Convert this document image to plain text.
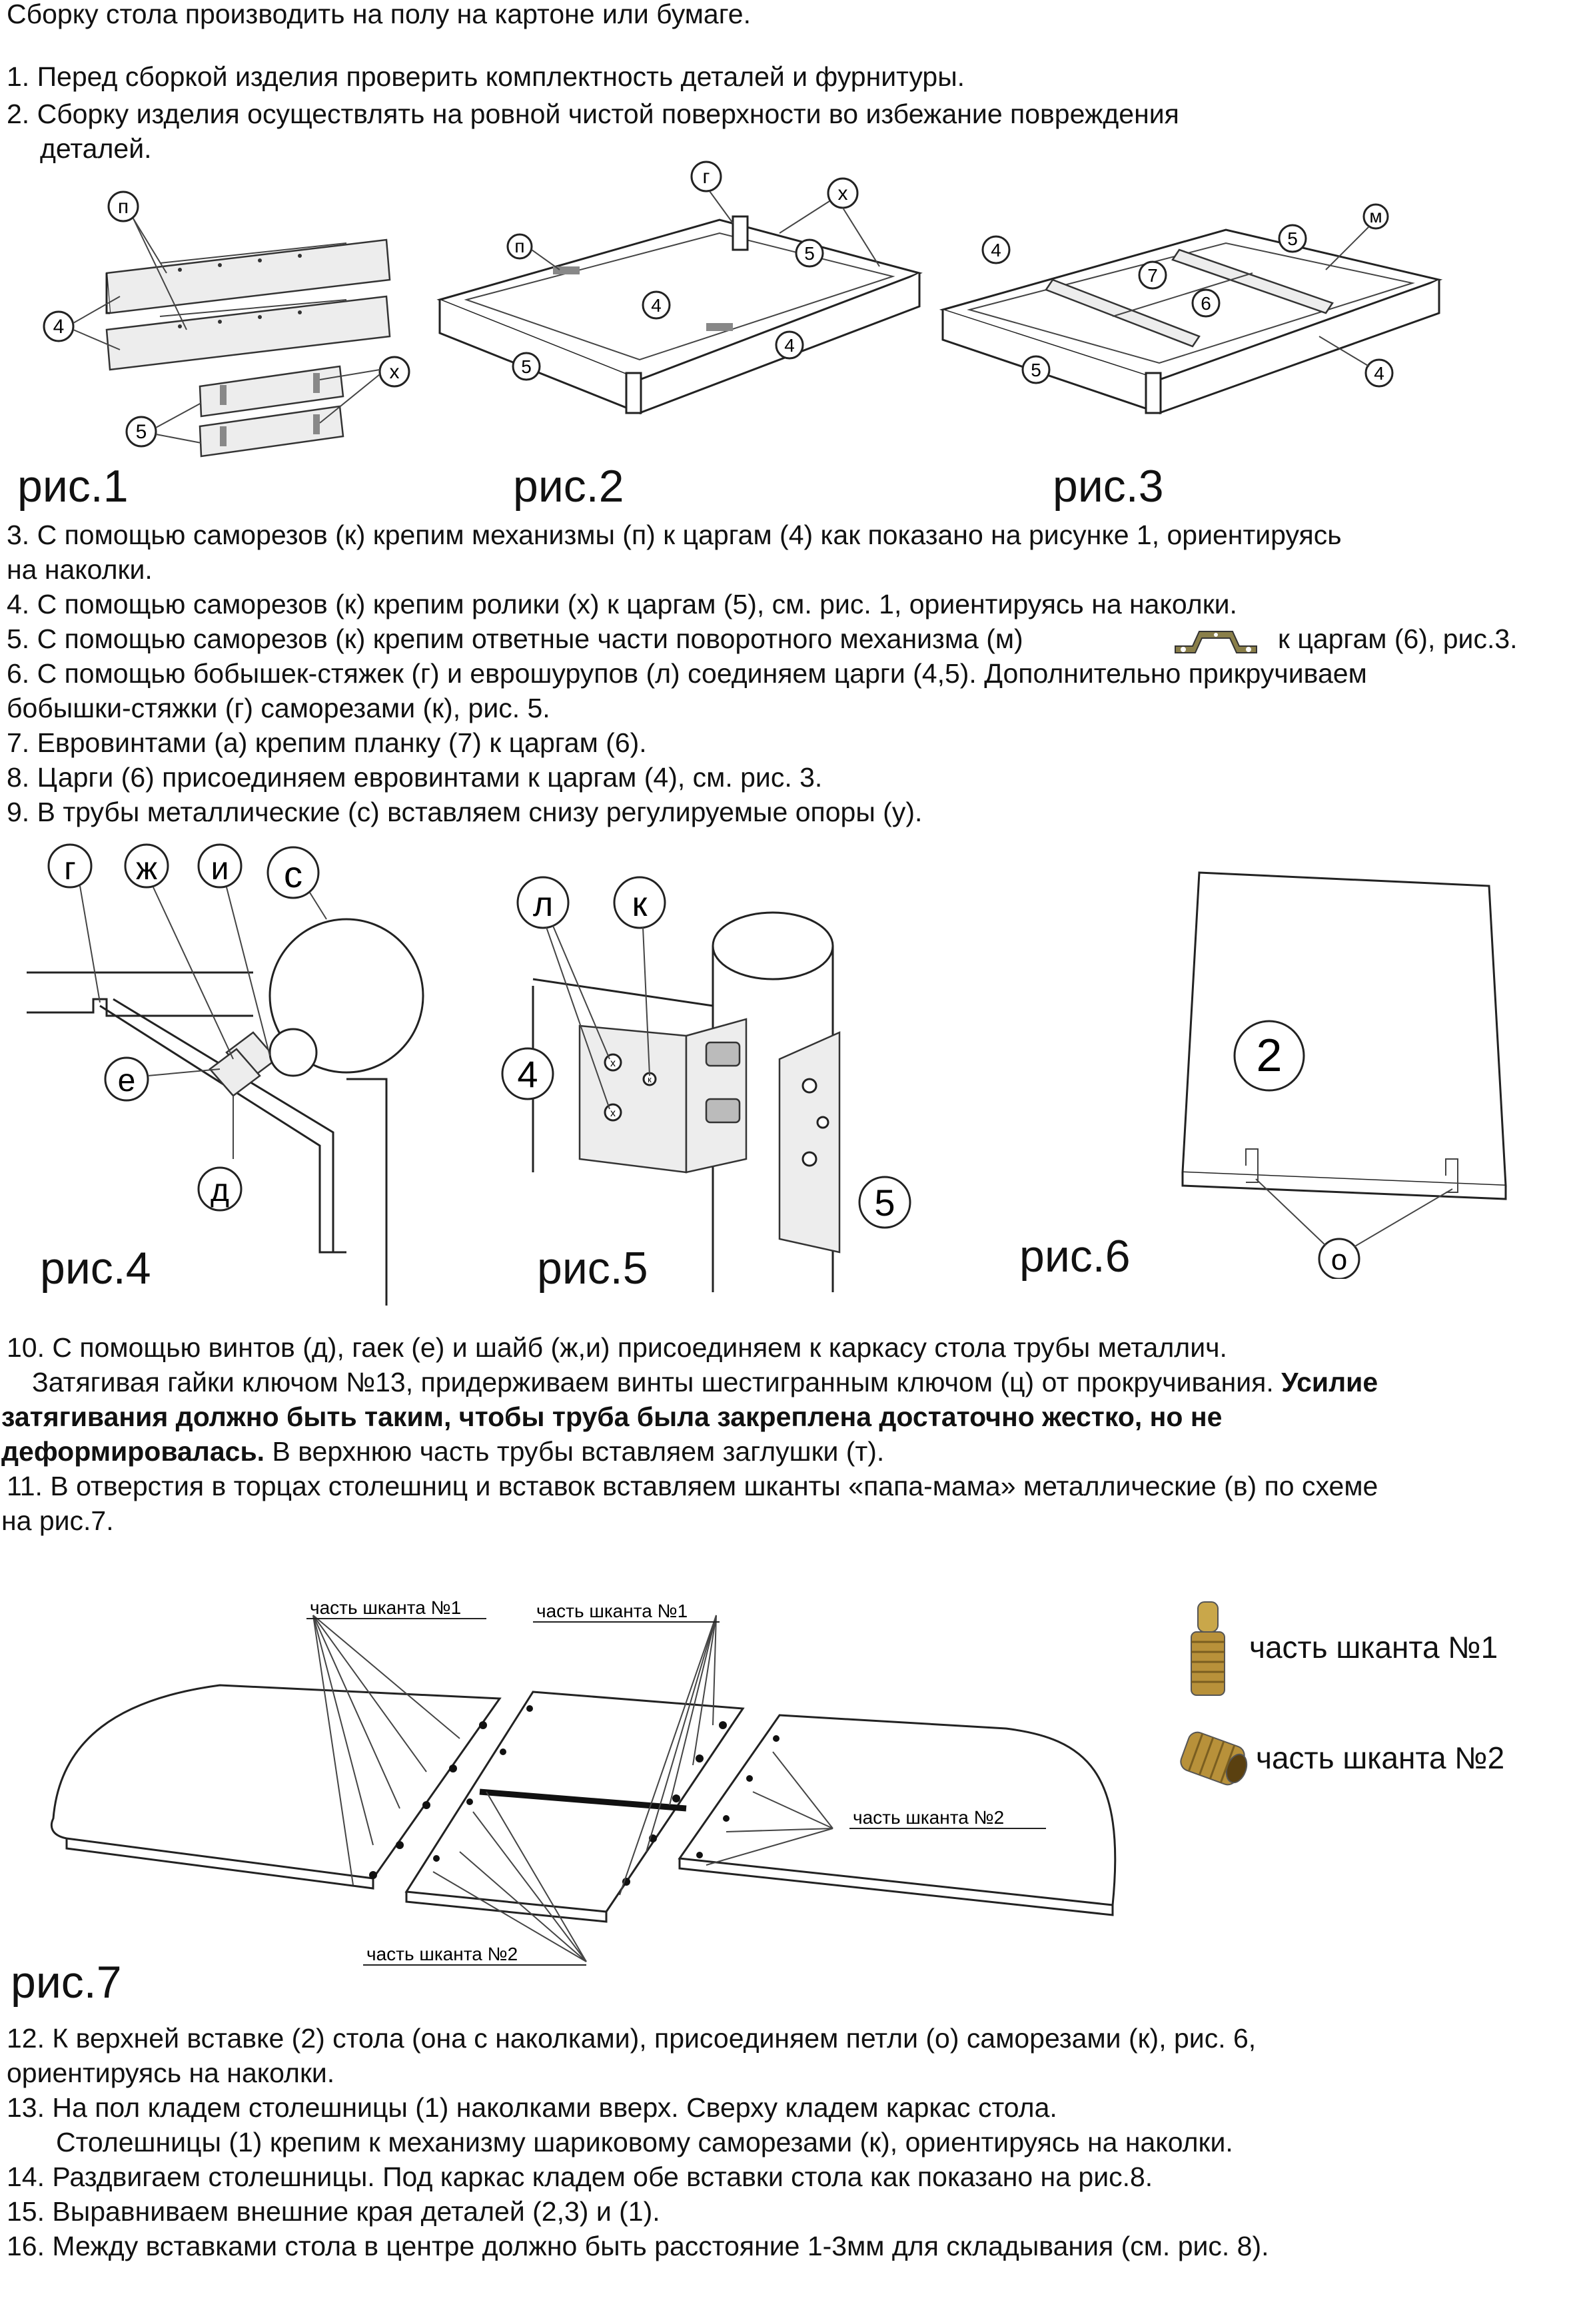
Сборку стола производить на полу на картоне или бумаге.
1. Перед сборкой изделия проверить комплектность деталей и фурнитуры.
2. Сборку изделия осуществлять на ровной чистой поверхности во избежание повреждения
деталей.
п
4
х
5
рис.1
г
х
п
4
5
4
5
рис.2
4
7
6
5
м
5	4
рис.3
3. С помощью саморезов (к) крепим механизмы (п) к царгам (4) как показано на рисунке 1, ориентируясь
на наколки.
4. С помощью саморезов (к) крепим ролики (х) к царгам (5), см. рис. 1, ориентируясь на наколки.
5. С помощью саморезов (к) крепим ответные части поворотного механизма (м)	к царгам (6), рис.3.
6. С помощью бобышек-стяжек (г) и еврошурупов (л) соединяем царги (4,5). Дополнительно прикручиваем
бобышки-стяжки (г) саморезами (к), рис. 5.
7. Евровинтами (а) крепим планку (7) к царгам (6).
8. Царги (6) присоединяем евровинтами к царгам (4), см. рис. 3.
9. В трубы металлические (с) вставляем снизу регулируемые опоры (у).
г ж и с
е
д
рис.4
л к
4
5
х
х
к
рис.5
2
о
рис.6
10. С помощью винтов (д), гаек (е) и шайб (ж,и) присоединяем к каркасу стола трубы металлич.
Затягивая гайки ключом №13, придерживаем винты шестигранным ключом (ц) от прокручивания. Усилие
затягивания должно быть таким, чтобы труба была закреплена достаточно жестко, но не
деформировалась. В верхнюю часть трубы вставляем заглушки (т).
11. В отверстия в торцах столешниц и вставок вставляем шканты «папа-мама» металлические (в) по схеме
на рис.7.
часть шканта №1	часть шканта №1
часть шканта №2
часть шканта №2
рис.7
часть шканта №1
часть шканта №2
12. К верхней вставке (2) стола (она с наколками), присоединяем петли (о) саморезами (к), рис. 6,
ориентируясь на наколки.
13. На пол кладем столешницы (1) наколками вверх. Сверху кладем каркас стола.
Столешницы (1) крепим к механизму шариковому саморезами (к), ориентируясь на наколки.
14. Раздвигаем столешницы. Под каркас кладем обе вставки стола как показано на рис.8.
15. Выравниваем внешние края деталей (2,3) и (1).
16. Между вставками стола в центре должно быть расстояние 1-3мм для складывания (см. рис. 8).
